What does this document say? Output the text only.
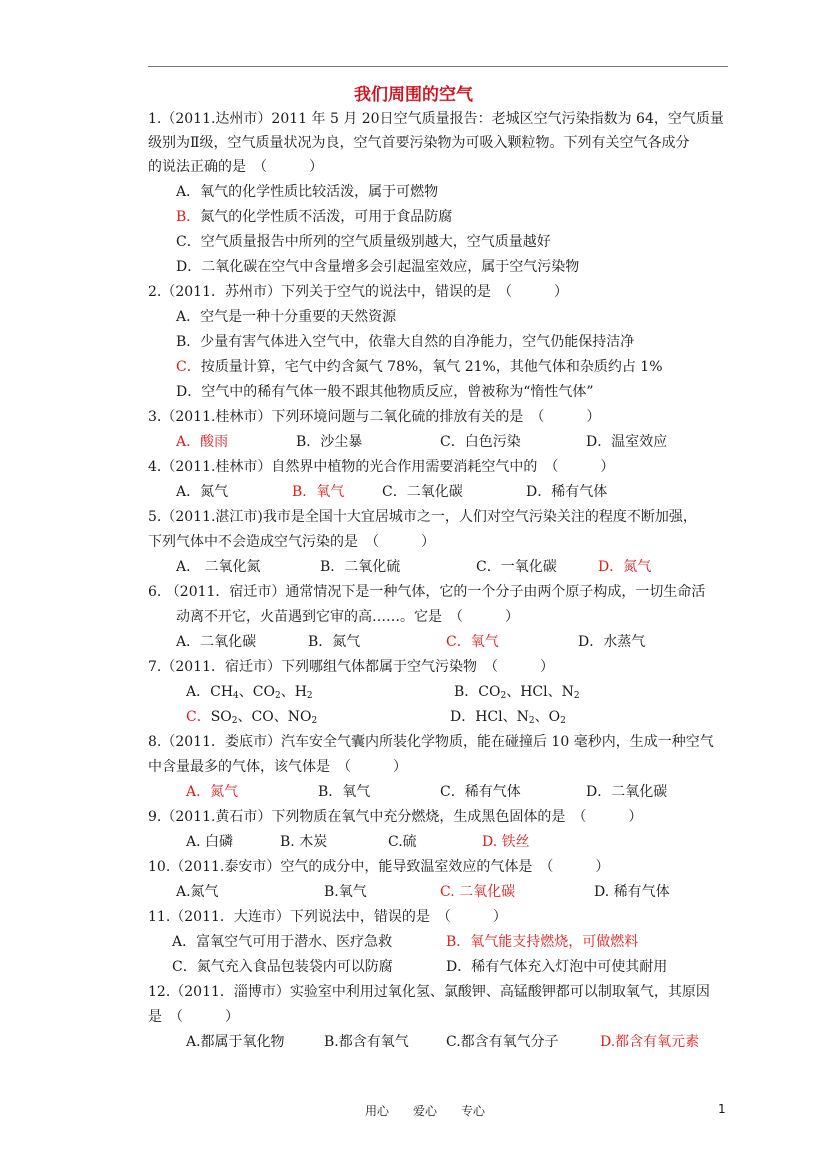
我们周围的空气
1.（2011.达州市）2011 年 5 月 20日空气质量报告：老城区空气污染指数为 64，空气质量
级别为Ⅱ级，空气质量状况为良，空气首要污染物为可吸入颗粒物。下列有关空气各成分
的说法正确的是　（　　　）
A．氧气的化学性质比较活泼，属于可燃物
B．氮气的化学性质不活泼，可用于食品防腐
C．空气质量报告中所列的空气质量级别越大，空气质量越好
D．二氧化碳在空气中含量增多会引起温室效应，属于空气污染物
2.（2011．苏州市）下列关于空气的说法中，错误的是　（　　　）
A．空气是一种十分重要的天然资源
B．少量有害气体进入空气中，依靠大自然的自净能力，空气仍能保持洁净
C．按质量计算，宅气中约含氮气 78%，氧气 21%，其他气体和杂质约占 1%
D．空气中的稀有气体一般不跟其他物质反应，曾被称为“惰性气体”
3.（2011.桂林市）下列环境问题与二氧化硫的排放有关的是　（　　　）
A．酸雨	B．沙尘暴	C．白色污染	D．温室效应
4.（2011.桂林市）自然界中植物的光合作用需要消耗空气中的　（　　　）
A．氮气	B．氧气	C．二氧化碳	D．稀有气体
5.（2011.湛江市)我市是全国十大宜居城市之一，人们对空气污染关注的程度不断加强，
下列气体中不会造成空气污染的是　（　　　）
A． 二氧化氮	B．二氧化硫	C．一氧化碳	D．氮气
6. （2011．宿迁市）通常情况下是一种气体，它的一个分子由两个原子构成，一切生命活
动离不开它，火苗遇到它审的高……。它是　（　　　）
A．二氧化碳	B．氮气	C．氧气	D．水蒸气
7.（2011．宿迁市）下列哪组气体都属于空气污染物　（　　　）
A．$CH_4$、$CO_2$、$H_2$	B．$CO_2$、HCl、$N_2$
C．$SO_2$、CO、$NO_2$	D．HCl、$N_2$、$O_2$
8.（2011．娄底市）汽车安全气囊内所装化学物质，能在碰撞后 10 毫秒内，生成一种空气
中含量最多的气体，该气体是　（　　　）
A．氮气	B．氧气	C．稀有气体	D．二氧化碳
9.（2011.黄石市）下列物质在氧气中充分燃烧，生成黑色固体的是　（　　　）
A. 白磷	B. 木炭	C.硫	D. 铁丝
10.（2011.泰安市）空气的成分中，能导致温室效应的气体是　（　　　）
A.氮气	B.氧气	C. 二氧化碳	D. 稀有气体
11.（2011．大连市）下列说法中，错误的是　（　　　）
A．富氧空气可用于潜水、医疗急救	B．氧气能支持燃烧，可做燃料
C．氮气充入食品包装袋内可以防腐	D．稀有气体充入灯泡中可使其耐用
12.（2011．淄博市）实验室中利用过氧化氢、氯酸钾、高锰酸钾都可以制取氧气，其原因
是　（　　　）
A.都属于氧化物	B.都含有氧气	C.都含有氧气分子	D.都含有氧元素
用心　　爱心　　专心	1
